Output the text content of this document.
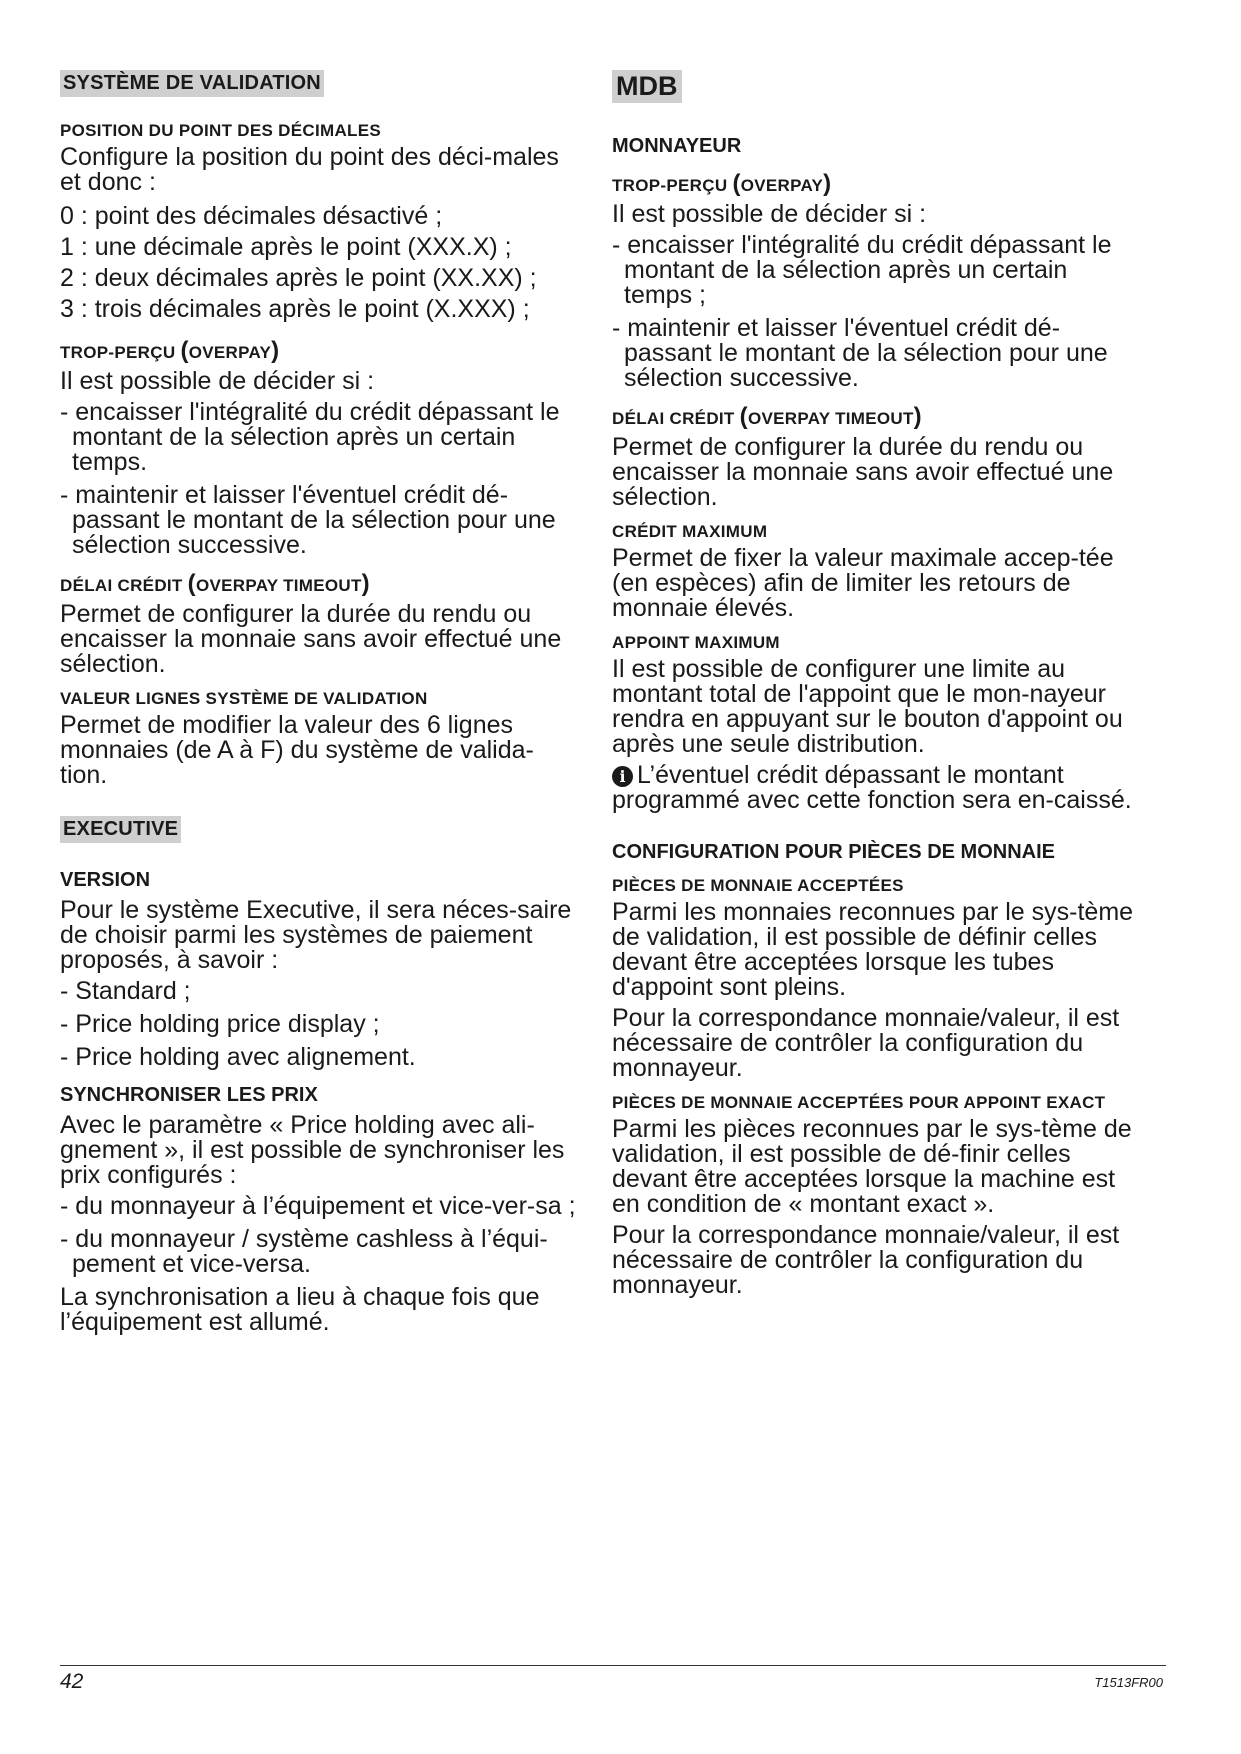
SYSTÈME DE VALIDATION
POSITION DU POINT DES DÉCIMALES
Configure la position du point des déci-males et donc :
0 : point des décimales désactivé ;
1 : une décimale après le point (XXX.X) ;
2 : deux décimales après le point (XX.XX) ;
3 : trois décimales après le point (X.XXX) ;
TROP-PERÇU (OVERPAY)
Il est possible de décider si :
- encaisser l'intégralité du crédit dépassant le montant de la sélection après un certain temps.
- maintenir et laisser l'éventuel crédit dé-passant le montant de la sélection pour une sélection successive.
DÉLAI CRÉDIT (OVERPAY TIMEOUT)
Permet de configurer la durée du rendu ou encaisser la monnaie sans avoir effectué une sélection.
VALEUR LIGNES SYSTÈME DE VALIDATION
Permet de modifier la valeur des 6 lignes monnaies (de A à F) du système de valida-tion.
EXECUTIVE
VERSION
Pour le système Executive, il sera néces-saire de choisir parmi les systèmes de paiement proposés, à savoir :
- Standard ;
- Price holding price display ;
- Price holding avec alignement.
SYNCHRONISER LES PRIX
Avec le paramètre « Price holding avec ali-gnement », il est possible de synchroniser les prix configurés :
- du monnayeur à l’équipement et vice-ver-sa ;
- du monnayeur / système cashless à l’équi-pement et vice-versa.
La synchronisation a lieu à chaque fois que l’équipement est allumé.
MDB
MONNAYEUR
TROP-PERÇU (OVERPAY)
Il est possible de décider si :
- encaisser l'intégralité du crédit dépassant le montant de la sélection après un certain temps ;
- maintenir et laisser l'éventuel crédit dé-passant le montant de la sélection pour une sélection successive.
DÉLAI CRÉDIT (OVERPAY TIMEOUT)
Permet de configurer la durée du rendu ou encaisser la monnaie sans avoir effectué une sélection.
CRÉDIT MAXIMUM
Permet de fixer la valeur maximale accep-tée (en espèces) afin de limiter les retours de monnaie élevés.
APPOINT MAXIMUM
Il est possible de configurer une limite au montant total de l'appoint que le mon-nayeur rendra en appuyant sur le bouton d'appoint ou après une seule distribution.
i L’éventuel crédit dépassant le montant programmé avec cette fonction sera en-caissé.
CONFIGURATION POUR PIÈCES DE MONNAIE
PIÈCES DE MONNAIE ACCEPTÉES
Parmi les monnaies reconnues par le sys-tème de validation, il est possible de définir celles devant être acceptées lorsque les tubes d'appoint sont pleins.
Pour la correspondance monnaie/valeur, il est nécessaire de contrôler la configuration du monnayeur.
PIÈCES DE MONNAIE ACCEPTÉES POUR APPOINT EXACT
Parmi les pièces reconnues par le sys-tème de validation, il est possible de dé-finir celles devant être acceptées lorsque la machine est en condition de « montant exact ».
Pour la correspondance monnaie/valeur, il est nécessaire de contrôler la configuration du monnayeur.
42	T1513FR00
